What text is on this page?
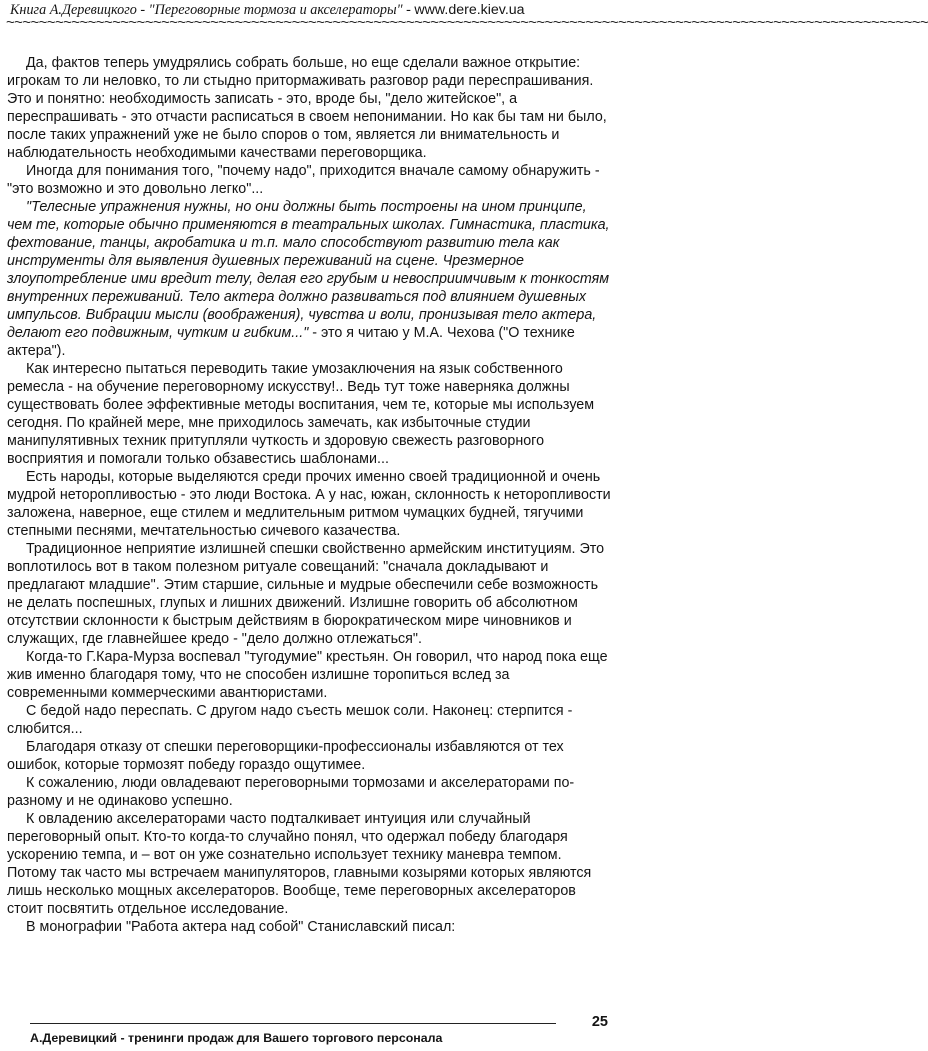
Книга А.Деревицкого - "Переговорные тормоза и акселераторы" - www.dere.kiev.ua
~~~~~~~~~~~~~~~~~~~~~~~~~~~~~~~~~~~~~~~~~~~~~~~~~~~~~~~~~~~~~~~~~~~~~~~~~~~~~~~~~~~~~~~~~~~~~~~~~~~~~~~~~~~~~~~~~

Да, фактов теперь умудрялись собрать больше, но еще сделали важное открытие: игрокам то ли неловко, то ли стыдно притормаживать разговор ради переспрашивания. Это и понятно: необходимость записать - это, вроде бы, "дело житейское", а переспрашивать - это отчасти расписаться в своем непонимании. Но как бы там ни было, после таких упражнений уже не было споров о том, является ли внимательность и наблюдательность необходимыми качествами переговорщика.

Иногда для понимания того, "почему надо", приходится вначале самому обнаружить - "это возможно и это довольно легко"...

"Телесные упражнения нужны, но они должны быть построены на ином принципе, чем те, которые обычно применяются в театральных школах. Гимнастика, пластика, фехтование, танцы, акробатика и т.п. мало способствуют развитию тела как инструменты для выявления душевных переживаний на сцене. Чрезмерное злоупотребление ими вредит телу, делая его грубым и невосприимчивым к тонкостям внутренних переживаний. Тело актера должно развиваться под влиянием душевных импульсов. Вибрации мысли (воображения), чувства и воли, пронизывая тело актера, делают его подвижным, чутким и гибким..." - это я читаю у М.А. Чехова ("О технике актера").

Как интересно пытаться переводить такие умозаключения на язык собственного ремесла - на обучение переговорному искусству!.. Ведь тут тоже наверняка должны существовать более эффективные методы воспитания, чем те, которые мы используем сегодня. По крайней мере, мне приходилось замечать, как избыточные студии манипулятивных техник притупляли чуткость и здоровую свежесть разговорного восприятия и помогали только обзавестись шаблонами...

Есть народы, которые выделяются среди прочих именно своей традиционной и очень мудрой неторопливостью - это люди Востока. А у нас, южан, склонность к неторопливости заложена, наверное, еще стилем и медлительным ритмом чумацких будней, тягучими степными песнями, мечтательностью сичевого казачества.

Традиционное неприятие излишней спешки свойственно армейским институциям. Это воплотилось вот в таком полезном ритуале совещаний: "сначала докладывают и предлагают младшие". Этим старшие, сильные и мудрые обеспечили себе возможность не делать поспешных, глупых и лишних движений. Излишне говорить об абсолютном отсутствии склонности к быстрым действиям в бюрократическом мире чиновников и служащих, где главнейшее кредо - "дело должно отлежаться".

Когда-то Г.Кара-Мурза воспевал "тугодумие" крестьян. Он говорил, что народ пока еще жив именно благодаря тому, что не способен излишне торопиться вслед за современными коммерческими авантюристами.

С бедой надо переспать. С другом надо съесть мешок соли. Наконец: стерпится - слюбится...

Благодаря отказу от спешки переговорщики-профессионалы избавляются от тех ошибок, которые тормозят победу гораздо ощутимее.

К сожалению, люди овладевают переговорными тормозами и акселераторами по-разному и не одинаково успешно.

К овладению акселераторами часто подталкивает интуиция или случайный переговорный опыт. Кто-то когда-то случайно понял, что одержал победу благодаря ускорению темпа, и – вот он уже сознательно использует технику маневра темпом. Потому так часто мы встречаем манипуляторов, главными козырями которых являются лишь несколько мощных акселераторов. Вообще, теме переговорных акселераторов стоит посвятить отдельное исследование.

В монографии "Работа актера над собой" Станиславский писал:

А.Деревицкий - тренинги продаж для Вашего торгового персонала
25
